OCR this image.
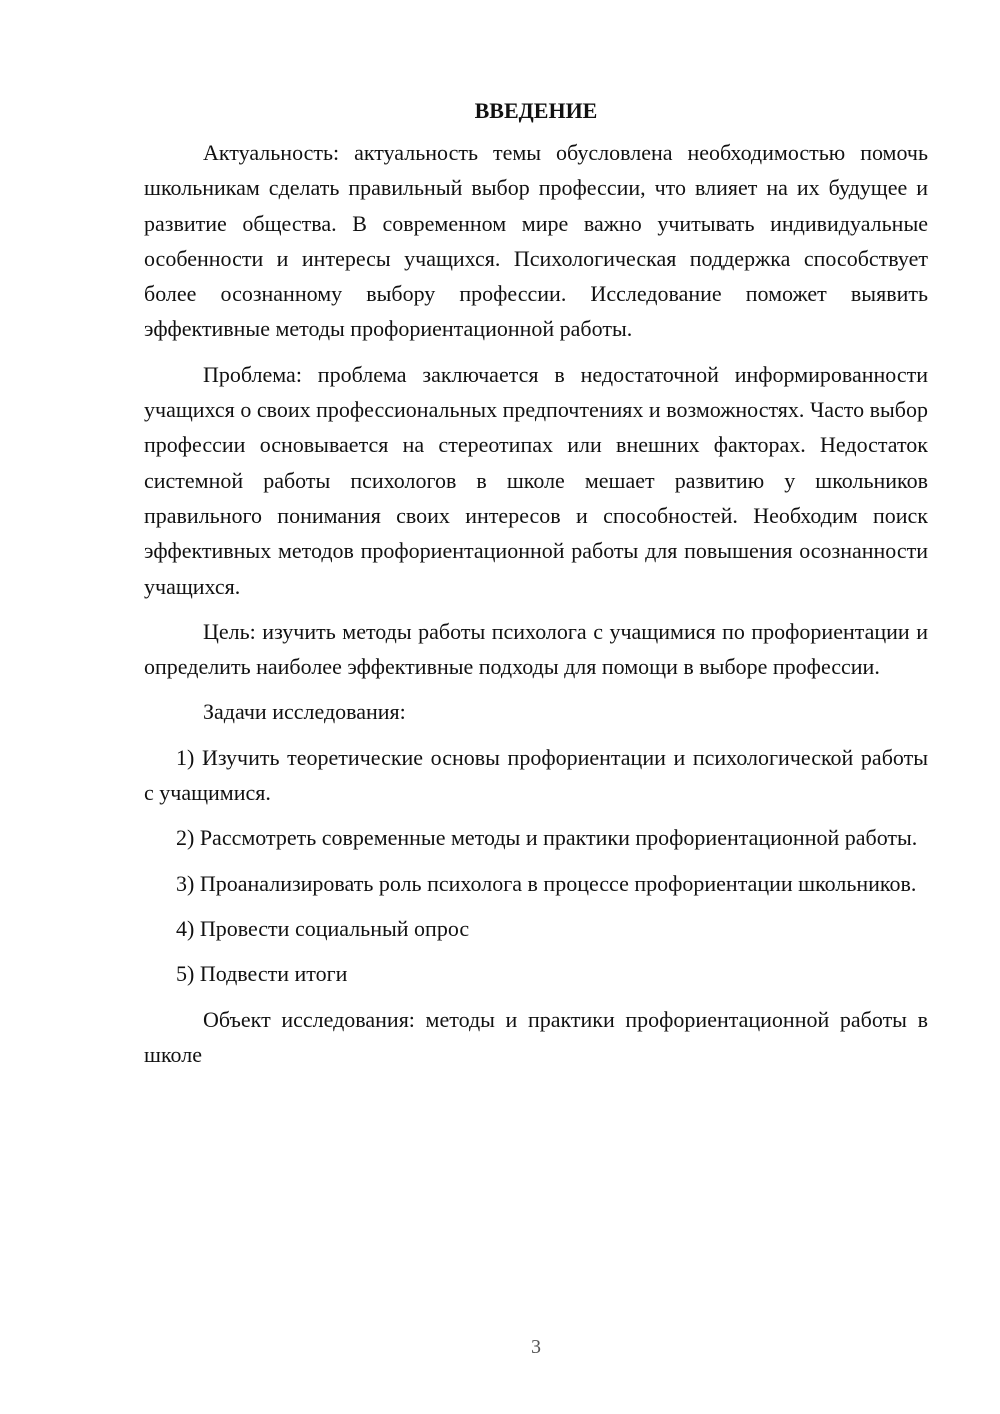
ВВЕДЕНИЕ

Актуальность: актуальность темы обусловлена необходимостью помочь школьникам сделать правильный выбор профессии, что влияет на их будущее и развитие общества. В современном мире важно учитывать индивидуальные особенности и интересы учащихся. Психологическая поддержка способствует более осознанному выбору профессии. Исследование поможет выявить эффективные методы профориентационной работы.

Проблема: проблема заключается в недостаточной информированности учащихся о своих профессиональных предпочтениях и возможностях. Часто выбор профессии основывается на стереотипах или внешних факторах. Недостаток системной работы психологов в школе мешает развитию у школьников правильного понимания своих интересов и способностей. Необходим поиск эффективных методов профориентационной работы для повышения осознанности учащихся.

Цель: изучить методы работы психолога с учащимися по профориентации и определить наиболее эффективные подходы для помощи в выборе профессии.

Задачи исследования:

1) Изучить теоретические основы профориентации и психологической работы с учащимися.

2) Рассмотреть современные методы и практики профориентационной работы.

3) Проанализировать роль психолога в процессе профориентации школьников.

4) Провести социальный опрос

5) Подвести итоги

Объект исследования: методы и практики профориентационной работы в школе

3
